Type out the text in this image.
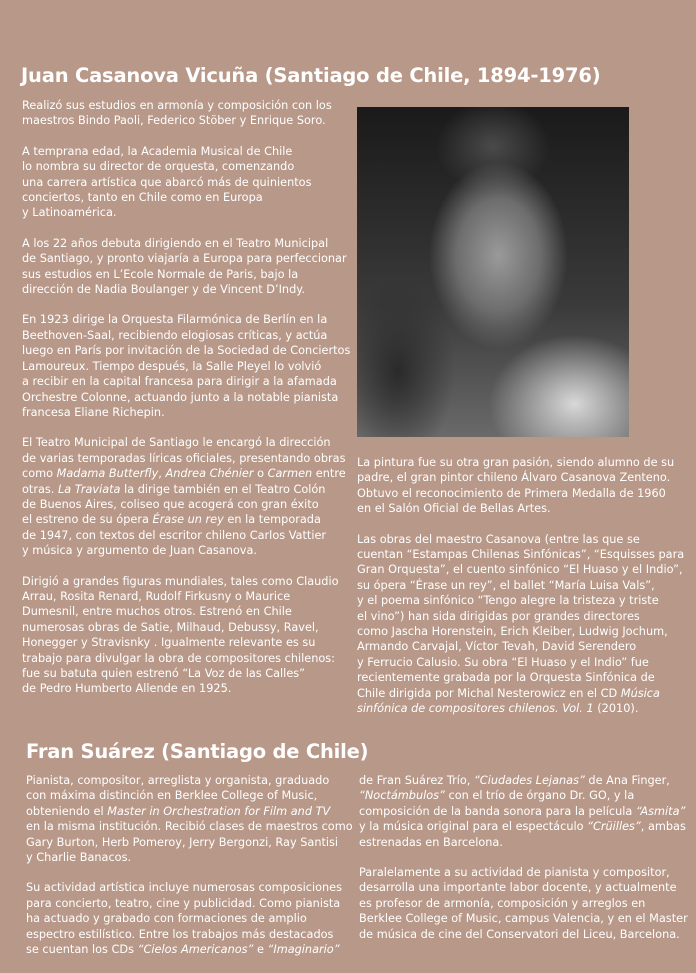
Juan Casanova Vicuña (Santiago de Chile, 1894-1976)

Realizó sus estudios en armonía y composición con los
maestros Bindo Paoli, Federico Stöber y Enrique Soro.

A temprana edad, la Academia Musical de Chile
lo nombra su director de orquesta, comenzando
una carrera artística que abarcó más de quinientos
conciertos, tanto en Chile como en Europa
y Latinoamérica.

A los 22 años debuta dirigiendo en el Teatro Municipal
de Santiago, y pronto viajaría a Europa para perfeccionar
sus estudios en L’Ecole Normale de Paris, bajo la
dirección de Nadia Boulanger y de Vincent D’Indy.

En 1923 dirige la Orquesta Filarmónica de Berlín en la
Beethoven-Saal, recibiendo elogiosas críticas, y actúa
luego en París por invitación de la Sociedad de Conciertos
Lamoureux. Tiempo después, la Salle Pleyel lo volvió
a recibir en la capital francesa para dirigir a la afamada
Orchestre Colonne, actuando junto a la notable pianista
francesa Eliane Richepin.

El Teatro Municipal de Santiago le encargó la dirección
de varias temporadas líricas oficiales, presentando obras
como Madama Butterfly, Andrea Chénier o Carmen entre
otras. La Traviata la dirige también en el Teatro Colón
de Buenos Aires, coliseo que acogerá con gran éxito
el estreno de su ópera Érase un rey en la temporada
de 1947, con textos del escritor chileno Carlos Vattier
y música y argumento de Juan Casanova.

Dirigió a grandes figuras mundiales, tales como Claudio
Arrau, Rosita Renard, Rudolf Firkusny o Maurice
Dumesnil, entre muchos otros. Estrenó en Chile
numerosas obras de Satie, Milhaud, Debussy, Ravel,
Honegger y Stravisnky . Igualmente relevante es su
trabajo para divulgar la obra de compositores chilenos:
fue su batuta quien estrenó “La Voz de las Calles”
de Pedro Humberto Allende en 1925.

La pintura fue su otra gran pasión, siendo alumno de su
padre, el gran pintor chileno Álvaro Casanova Zenteno.
Obtuvo el reconocimiento de Primera Medalla de 1960
en el Salón Oficial de Bellas Artes.

Las obras del maestro Casanova (entre las que se
cuentan “Estampas Chilenas Sinfónicas”, “Esquisses para
Gran Orquesta”, el cuento sinfónico “El Huaso y el Indio”,
su ópera “Érase un rey”, el ballet “María Luisa Vals”,
y el poema sinfónico “Tengo alegre la tristeza y triste
el vino”) han sida dirigidas por grandes directores
como Jascha Horenstein, Erich Kleiber, Ludwig Jochum,
Armando Carvajal, Víctor Tevah, David Serendero
y Ferrucio Calusio. Su obra “El Huaso y el Indio” fue
recientemente grabada por la Orquesta Sinfónica de
Chile dirigida por Michal Nesterowicz en el CD Música
sinfónica de compositores chilenos. Vol. 1 (2010).

Fran Suárez (Santiago de Chile)

Pianista, compositor, arreglista y organista, graduado
con máxima distinción en Berklee College of Music,
obteniendo el Master in Orchestration for Film and TV
en la misma institución. Recibió clases de maestros como
Gary Burton, Herb Pomeroy, Jerry Bergonzi, Ray Santisi
y Charlie Banacos.

Su actividad artística incluye numerosas composiciones
para concierto, teatro, cine y publicidad. Como pianista
ha actuado y grabado con formaciones de amplio
espectro estilístico. Entre los trabajos más destacados
se cuentan los CDs “Cielos Americanos” e “Imaginario”

de Fran Suárez Trío, “Ciudades Lejanas” de Ana Finger,
“Noctámbulos” con el trío de órgano Dr. GO, y la
composición de la banda sonora para la película “Asmita”
y la música original para el espectáculo “Crüilles”, ambas
estrenadas en Barcelona.

Paralelamente a su actividad de pianista y compositor,
desarrolla una importante labor docente, y actualmente
es profesor de armonía, composición y arreglos en
Berklee College of Music, campus Valencia, y en el Master
de música de cine del Conservatori del Liceu, Barcelona.
